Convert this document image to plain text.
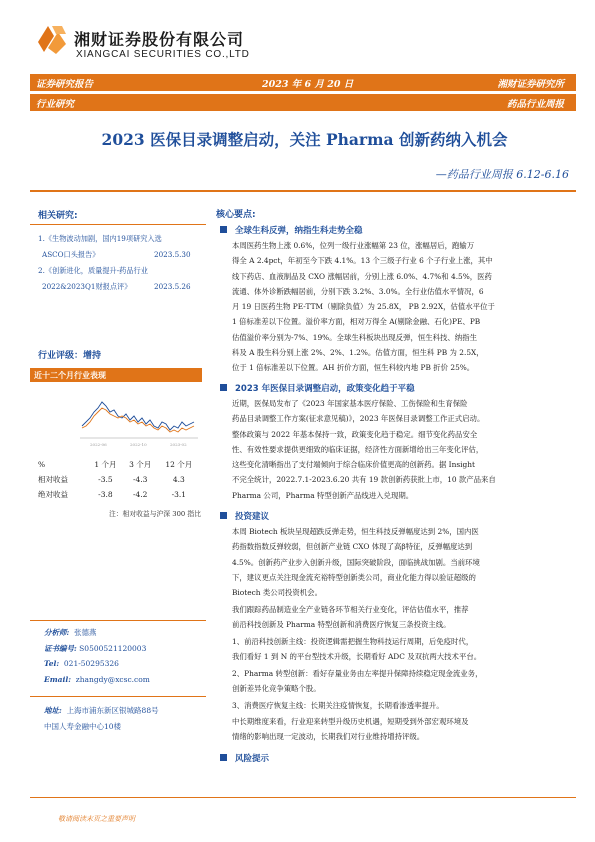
湘财证券股份有限公司
XIANGCAI SECURITIES CO.,LTD
证券研究报告	2023 年 6 月 20 日	湘财证券研究所
行业研究	药品行业周报
2023 医保目录调整启动，关注 Pharma 创新药纳入机会
—药品行业周报 6.12-6.16
相关研究:
1.《生物波动加剧，国内19项研究入选
ASCO口头报告》	2023.5.30
2.《创新进化，质量提升-药品行业
2022&2023Q1财报点评》	2023.5.26
行业评级：增持
近十二个月行业表现
2022-06	2022-10	2023-02
%	1 个月	3 个月	12 个月
相对收益	-3.5	-4.3	4.3
绝对收益	-3.8	-4.2	-3.1
注：相对收益与沪深 300 指比
分析师: 张德燕
证书编号: S0500521120003
Tel: 021-50295326
Email: zhangdy@xcsc.com
地址: 上海市浦东新区银城路88号
中国人寿金融中心10楼
核心要点:
全球生科反弹，纳指生科走势全稳
本周医药生物上涨 0.6%，位列一级行业涨幅第 23 位，涨幅居后，跑输万
得全 A 2.4pct，年初至今下跌 4.1%。13 个三级子行业 6 个子行业上涨，其中
线下药店、血液制品及 CXO 涨幅居前，分别上涨 6.0%、4.7%和 4.5%，医药
流通、体外诊断跌幅居前，分别下跌 3.2%、3.0%。全行业估值水平情况，6
月 19 日医药生物 PE-TTM（剔除负值）为 25.8X， PB 2.92X，估值水平位于
1 倍标准差以下位置。溢价率方面，相对万得全 A(剔除金融、石化)PE、PB
估值溢价率分别为-7%、19%。全球生科板块出现反弹，恒生科技、纳指生
科及 A 股生科分别上涨 2%、2%、1.2%。估值方面，恒生科 PB 为 2.5X，
位于 1 倍标准差以下位置。AH 折价方面，恒生科较内地 PB 折价 25%。
2023 年医保目录调整启动，政策变化趋于平稳
近期，医保局发布了《2023 年国家基本医疗保险、工伤保险和生育保险
药品目录调整工作方案(征求意见稿)》，2023 年医保目录调整工作正式启动。
整体政策与 2022 年基本保持一致，政策变化趋于稳定。细节变化药品安全
性、有效性要求提供更细致的临床证据，经济性方面新增给出三年变化评估，
这些变化清晰指出了支付端倾向于综合临床价值更高的创新药。据 Insight
不完全统计，2022.7.1-2023.6.20 共有 19 款创新药获批上市，10 款产品来自
Pharma 公司，Pharma 特型创新产品线进入兑现期。
投资建议
本周 Biotech 板块呈现超跌反弹走势，恒生科技反弹幅度达到 2%，国内医
药指数指数反弹较弱，但创新产业链 CXO 体现了高β特征，反弹幅度达到
4.5%。创新药产业步入创新升级，国际突破阶段，面临挑战加剧。当前环境
下，建议更点关注现金流充裕特型创新类公司，商业化能力得以验证超级的
Biotech 类公司投资机会。
我们跟踪药品制造业全产业链各环节相关行业变化，评估估值水平，推荐
前沿科技创新及 Pharma 特型创新和消费医疗恢复三条投资主线。
1、前沿科技创新主线：投资逻辑需把握生物科技运行周期，后免疫时代，
我们看好 1 到 N 的平台型技术升级，长期看好 ADC 及双抗两大技术平台。
2、Pharma 转型创新：看好存量业务由左率提升保障持续稳定现金流业务，
创新差异化竞争策略个股。
3、消费医疗恢复主线：长期关注疫情恢复，长期看渗透率提升。
中长期维度来看，行业迎来转型升级历史机遇，短期受到外部宏观环境及
情绪的影响出现一定波动，长期我们对行业维持增持评级。
风险提示
敬请阅读末页之重要声明
